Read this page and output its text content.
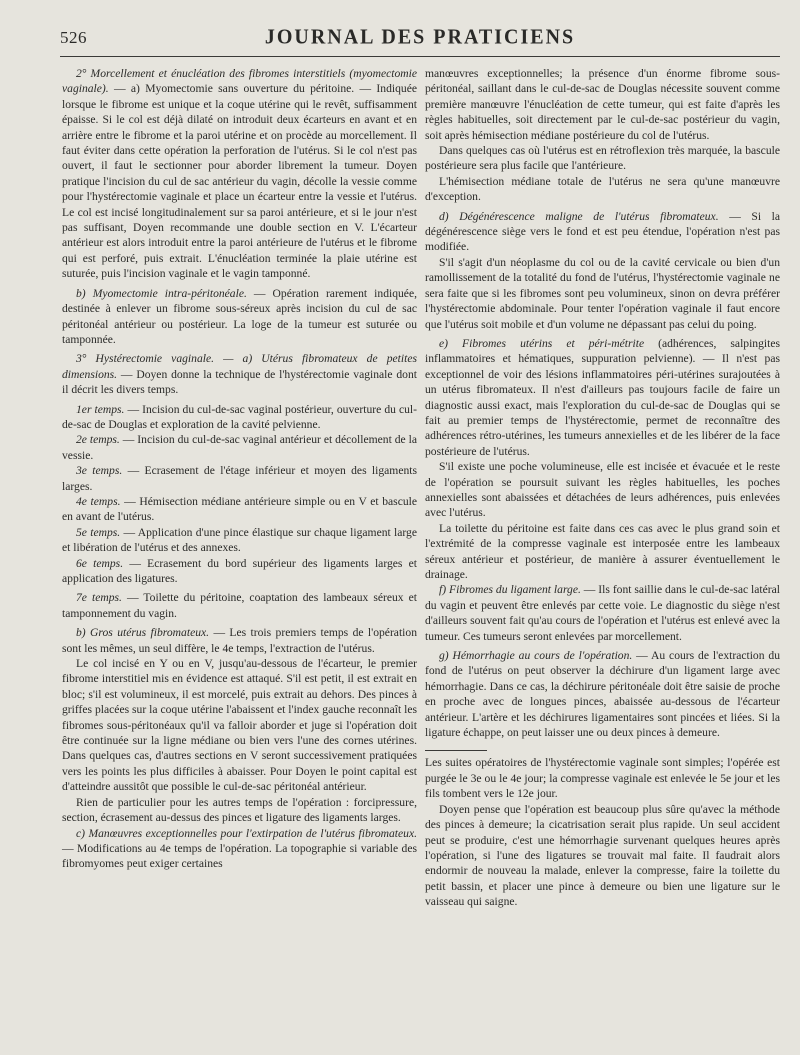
526	JOURNAL DES PRATICIENS

2° Morcellement et énucléation des fibromes interstitiels (myomectomie vaginale). — a) Myomectomie sans ouverture du péritoine. — Indiquée lorsque le fibrome est unique et la coque utérine qui le revêt, suffisamment épaisse. Si le col est déjà dilaté on introduit deux écarteurs en avant et en arrière entre le fibrome et la paroi utérine et on procède au morcellement. Il faut éviter dans cette opération la perforation de l'utérus. Si le col n'est pas ouvert, il faut le sectionner pour aborder librement la tumeur. Doyen pratique l'incision du cul de sac antérieur du vagin, décolle la vessie comme pour l'hystérectomie vaginale et place un écarteur entre la vessie et l'utérus. Le col est incisé longitudinalement sur sa paroi antérieure, et si le jour n'est pas suffisant, Doyen recommande une double section en V. L'écarteur antérieur est alors introduit entre la paroi antérieure de l'utérus et le fibrome qui est perforé, puis extrait. L'énucléation terminée la plaie utérine est suturée, puis l'incision vaginale et le vagin tamponné.

b) Myomectomie intra-péritonéale. — Opération rarement indiquée, destinée à enlever un fibrome sous-séreux après incision du cul de sac péritonéal antérieur ou postérieur. La loge de la tumeur est suturée ou tamponnée.

3° Hystérectomie vaginale. — a) Utérus fibromateux de petites dimensions. — Doyen donne la technique de l'hystérectomie vaginale dont il décrit les divers temps.

1er temps. — Incision du cul-de-sac vaginal postérieur, ouverture du cul-de-sac de Douglas et exploration de la cavité pelvienne.

2e temps. — Incision du cul-de-sac vaginal antérieur et décollement de la vessie.

3e temps. — Ecrasement de l'étage inférieur et moyen des ligaments larges.

4e temps. — Hémisection médiane antérieure simple ou en V et bascule en avant de l'utérus.

5e temps. — Application d'une pince élastique sur chaque ligament large et libération de l'utérus et des annexes.

6e temps. — Ecrasement du bord supérieur des ligaments larges et application des ligatures.

7e temps. — Toilette du péritoine, coaptation des lambeaux séreux et tamponnement du vagin.

b) Gros utérus fibromateux. — Les trois premiers temps de l'opération sont les mêmes, un seul diffère, le 4e temps, l'extraction de l'utérus.

Le col incisé en Y ou en V, jusqu'au-dessous de l'écarteur, le premier fibrome interstitiel mis en évidence est attaqué. S'il est petit, il est extrait en bloc; s'il est volumineux, il est morcelé, puis extrait au dehors. Des pinces à griffes placées sur la coque utérine l'abaissent et l'index gauche reconnaît les fibromes sous-péritonéaux qu'il va falloir aborder et juge si l'opération doit être continuée sur la ligne médiane ou bien vers l'une des cornes utérines. Dans quelques cas, d'autres sections en V seront successivement pratiquées vers les points les plus difficiles à abaisser. Pour Doyen le point capital est d'atteindre aussitôt que possible le cul-de-sac péritonéal antérieur.

Rien de particulier pour les autres temps de l'opération : forcipressure, section, écrasement au-dessus des pinces et ligature des ligaments larges.

c) Manœuvres exceptionnelles pour l'extirpation de l'utérus fibromateux. — Modifications au 4e temps de l'opération. La topographie si variable des fibromyomes peut exiger certaines

manœuvres exceptionnelles; la présence d'un énorme fibrome sous-péritonéal, saillant dans le cul-de-sac de Douglas nécessite souvent comme première manœuvre l'énucléation de cette tumeur, qui est faite d'après les règles habituelles, soit directement par le cul-de-sac postérieur du vagin, soit après hémisection médiane postérieure du col de l'utérus.

Dans quelques cas où l'utérus est en rétroflexion très marquée, la bascule postérieure sera plus facile que l'antérieure.

L'hémisection médiane totale de l'utérus ne sera qu'une manœuvre d'exception.

d) Dégénérescence maligne de l'utérus fibromateux. — Si la dégénérescence siège vers le fond et est peu étendue, l'opération n'est pas modifiée.

S'il s'agit d'un néoplasme du col ou de la cavité cervicale ou bien d'un ramollissement de la totalité du fond de l'utérus, l'hystérectomie vaginale ne sera faite que si les fibromes sont peu volumineux, sinon on devra préférer l'hystérectomie abdominale. Pour tenter l'opération vaginale il faut encore que l'utérus soit mobile et d'un volume ne dépassant pas celui du poing.

e) Fibromes utérins et péri-métrite (adhérences, salpingites inflammatoires et hématiques, suppuration pelvienne). — Il n'est pas exceptionnel de voir des lésions inflammatoires péri-utérines surajoutées à un utérus fibromateux. Il n'est d'ailleurs pas toujours facile de faire un diagnostic aussi exact, mais l'exploration du cul-de-sac de Douglas qui se fait au premier temps de l'hystérectomie, permet de reconnaître des adhérences rétro-utérines, les tumeurs annexielles et de les libérer de la face postérieure de l'utérus.

S'il existe une poche volumineuse, elle est incisée et évacuée et le reste de l'opération se poursuit suivant les règles habituelles, les poches annexielles sont abaissées et détachées de leurs adhérences, puis enlevées avec l'utérus.

La toilette du péritoine est faite dans ces cas avec le plus grand soin et l'extrémité de la compresse vaginale est interposée entre les lambeaux séreux antérieur et postérieur, de manière à assurer éventuellement le drainage.

f) Fibromes du ligament large. — Ils font saillie dans le cul-de-sac latéral du vagin et peuvent être enlevés par cette voie. Le diagnostic du siège n'est d'ailleurs souvent fait qu'au cours de l'opération et l'utérus est enlevé avec la tumeur. Ces tumeurs seront enlevées par morcellement.

g) Hémorrhagie au cours de l'opération. — Au cours de l'extraction du fond de l'utérus on peut observer la déchirure d'un ligament large avec hémorrhagie. Dans ce cas, la déchirure péritonéale doit être saisie de proche en proche avec de longues pinces, abaissée au-dessous de l'écarteur antérieur. L'artère et les déchirures ligamentaires sont pincées et liées. Si la ligature échappe, on peut laisser une ou deux pinces à demeure.

Les suites opératoires de l'hystérectomie vaginale sont simples; l'opérée est purgée le 3e ou le 4e jour; la compresse vaginale est enlevée le 5e jour et les fils tombent vers le 12e jour.

Doyen pense que l'opération est beaucoup plus sûre qu'avec la méthode des pinces à demeure; la cicatrisation serait plus rapide. Un seul accident peut se produire, c'est une hémorrhagie survenant quelques heures après l'opération, si l'une des ligatures se trouvait mal faite. Il faudrait alors endormir de nouveau la malade, enlever la compresse, faire la toilette du petit bassin, et placer une pince à demeure ou bien une ligature sur le vaisseau qui saigne.
